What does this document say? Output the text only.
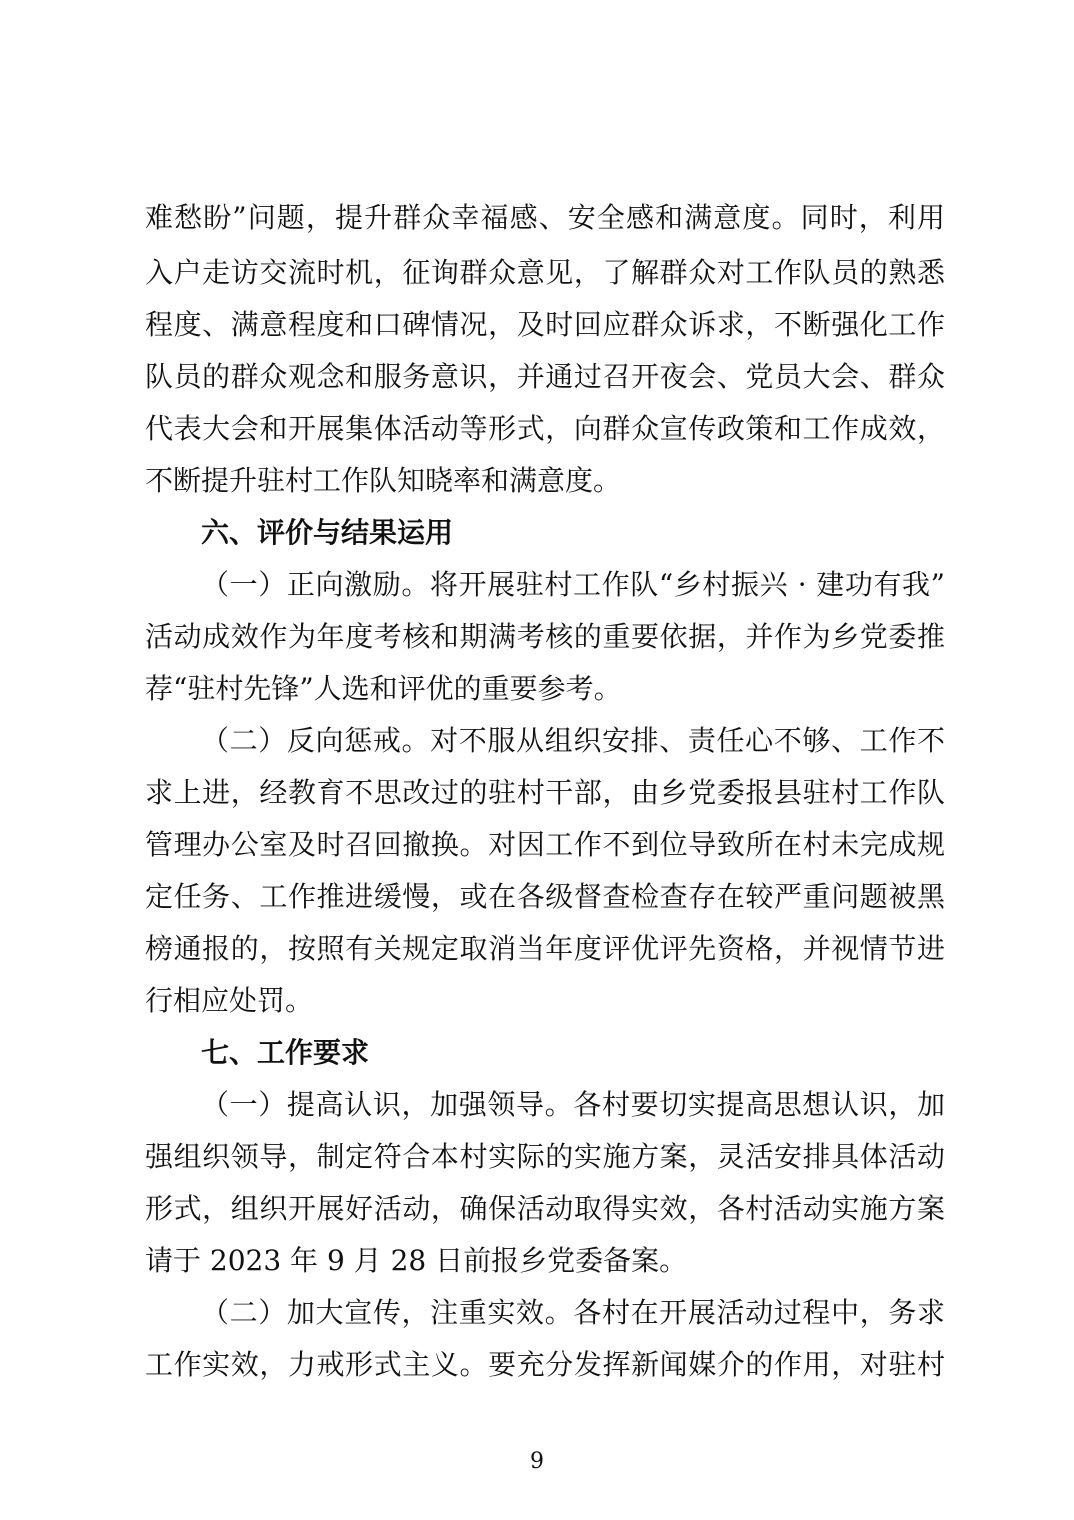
难愁盼”问题，提升群众幸福感、安全感和满意度。同时，利用
入户走访交流时机，征询群众意见，了解群众对工作队员的熟悉
程度、满意程度和口碑情况，及时回应群众诉求，不断强化工作
队员的群众观念和服务意识，并通过召开夜会、党员大会、群众
代表大会和开展集体活动等形式，向群众宣传政策和工作成效，
不断提升驻村工作队知晓率和满意度。
六、评价与结果运用
（一）正向激励。将开展驻村工作队“乡村振兴 · 建功有我”
活动成效作为年度考核和期满考核的重要依据，并作为乡党委推
荐“驻村先锋”人选和评优的重要参考。
（二）反向惩戒。对不服从组织安排、责任心不够、工作不
求上进，经教育不思改过的驻村干部，由乡党委报县驻村工作队
管理办公室及时召回撤换。对因工作不到位导致所在村未完成规
定任务、工作推进缓慢，或在各级督查检查存在较严重问题被黑
榜通报的，按照有关规定取消当年度评优评先资格，并视情节进
行相应处罚。
七、工作要求
（一）提高认识，加强领导。各村要切实提高思想认识，加
强组织领导，制定符合本村实际的实施方案，灵活安排具体活动
形式，组织开展好活动，确保活动取得实效，各村活动实施方案
请于 2023 年 9 月 28 日前报乡党委备案。
（二）加大宣传，注重实效。各村在开展活动过程中，务求
工作实效，力戒形式主义。要充分发挥新闻媒介的作用，对驻村
9
